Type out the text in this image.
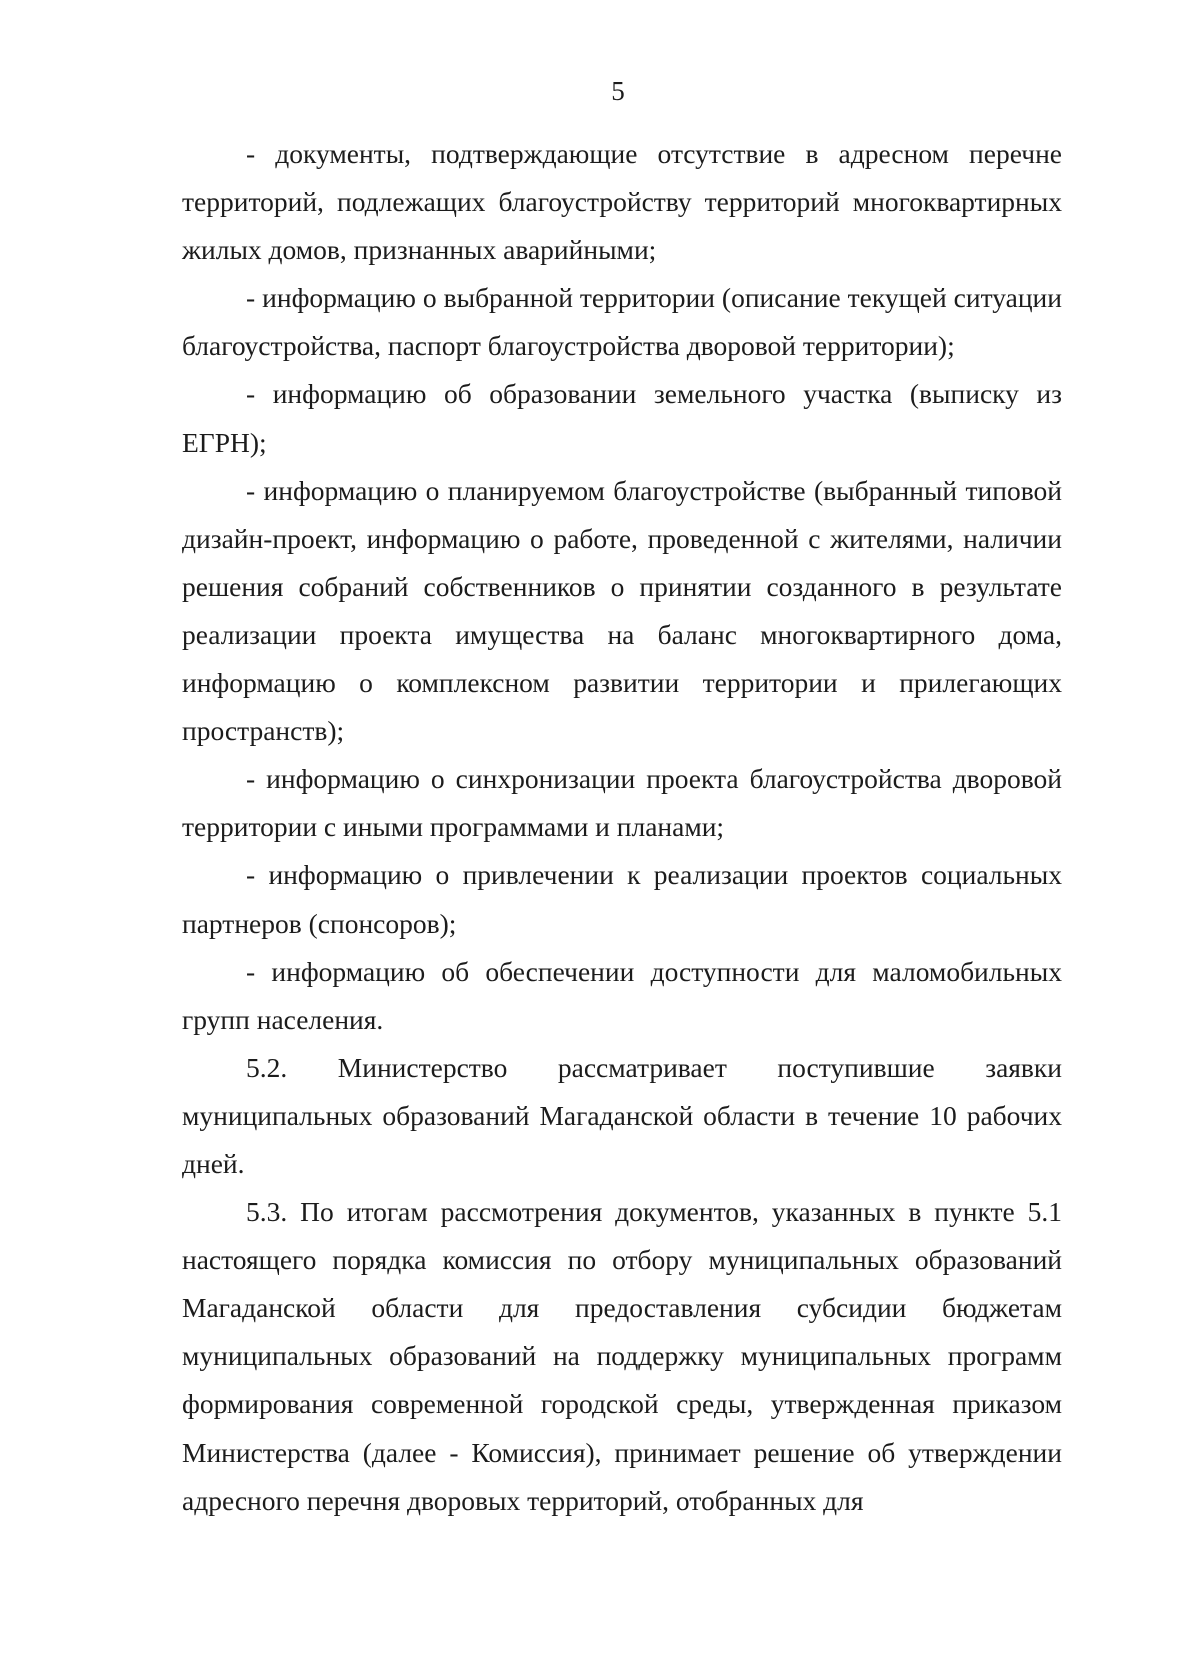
5

- документы, подтверждающие отсутствие в адресном перечне территорий, подлежащих благоустройству территорий многоквартирных жилых домов, признанных аварийными;

- информацию о выбранной территории (описание текущей ситуации благоустройства, паспорт благоустройства дворовой территории);

- информацию об образовании земельного участка (выписку из ЕГРН);

- информацию о планируемом благоустройстве (выбранный типовой дизайн-проект, информацию о работе, проведенной с жителями, наличии решения собраний собственников о принятии созданного в результате реализации проекта имущества на баланс многоквартирного дома, информацию о комплексном развитии территории и прилегающих пространств);

- информацию о синхронизации проекта благоустройства дворовой территории с иными программами и планами;

- информацию о привлечении к реализации проектов социальных партнеров (спонсоров);

- информацию об обеспечении доступности для маломобильных групп населения.

5.2. Министерство рассматривает поступившие заявки муниципальных образований Магаданской области в течение 10 рабочих дней.

5.3. По итогам рассмотрения документов, указанных в пункте 5.1 настоящего порядка комиссия по отбору муниципальных образований Магаданской области для предоставления субсидии бюджетам муниципальных образований на поддержку муниципальных программ формирования современной городской среды, утвержденная приказом Министерства (далее - Комиссия), принимает решение об утверждении адресного перечня дворовых территорий, отобранных для
